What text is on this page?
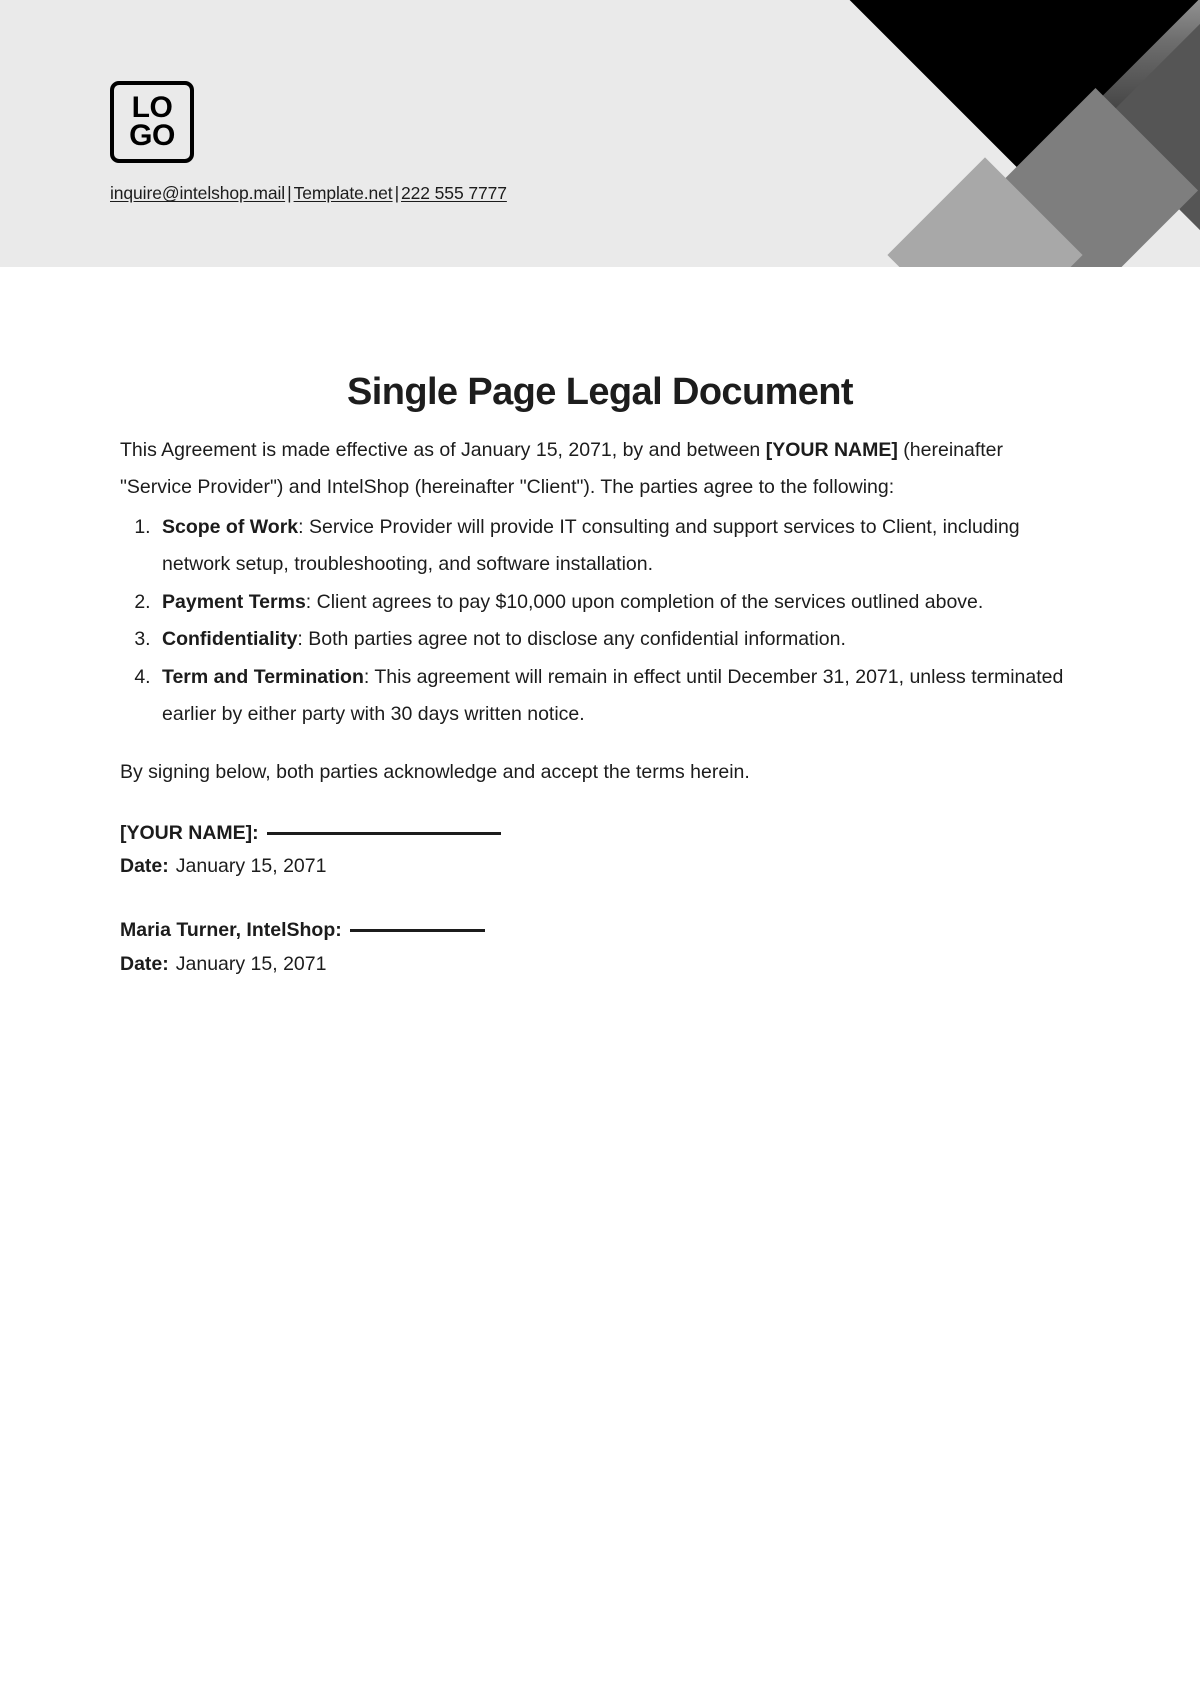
LO
GO
inquire@intelshop.mail | Template.net | 222 555 7777
Single Page Legal Document

This Agreement is made effective as of January 15, 2071, by and between [YOUR NAME] (hereinafter "Service Provider") and IntelShop (hereinafter "Client"). The parties agree to the following:

1. Scope of Work: Service Provider will provide IT consulting and support services to Client, including network setup, troubleshooting, and software installation.
2. Payment Terms: Client agrees to pay $10,000 upon completion of the services outlined above.
3. Confidentiality: Both parties agree not to disclose any confidential information.
4. Term and Termination: This agreement will remain in effect until December 31, 2071, unless terminated earlier by either party with 30 days written notice.

By signing below, both parties acknowledge and accept the terms herein.

[YOUR NAME]:
Date: January 15, 2071
Maria Turner, IntelShop:
Date: January 15, 2071
